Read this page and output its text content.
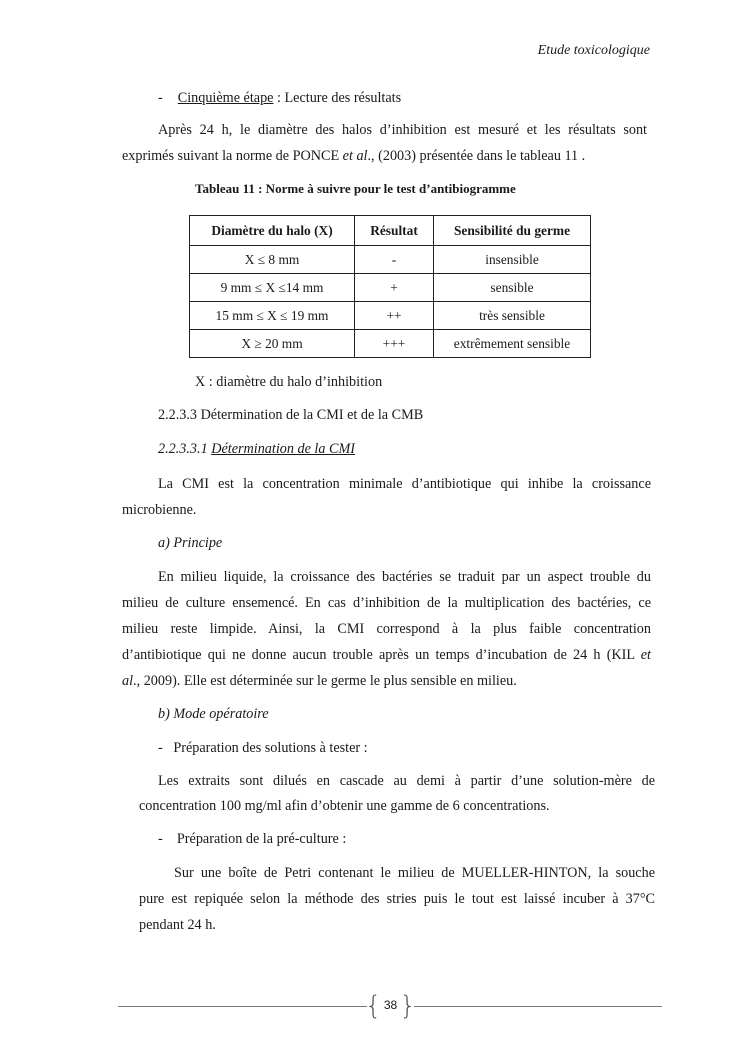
Etude toxicologique
- Cinquième étape : Lecture des résultats
Après 24 h, le diamètre des halos d’inhibition est mesuré et les résultats sont
exprimés suivant la norme de PONCE et al., (2003) présentée dans le tableau 11 .
Tableau 11 : Norme à suivre pour le test d’antibiogramme
Diamètre du halo (X)	Résultat	Sensibilité du germe
X ≤ 8 mm	-	insensible
9 mm ≤ X ≤14 mm	+	sensible
15 mm ≤ X ≤ 19 mm	++	très sensible
X ≥ 20 mm	+++	extrêmement sensible
X : diamètre du halo d’inhibition
2.2.3.3 Détermination de la CMI et de la CMB
2.2.3.3.1 Détermination de la CMI
La CMI est la concentration minimale d’antibiotique qui inhibe la croissance
microbienne.
a) Principe
En milieu liquide, la croissance des bactéries se traduit par un aspect trouble du
milieu de culture ensemencé. En cas d’inhibition de la multiplication des bactéries, ce
milieu reste limpide. Ainsi, la CMI correspond à la plus faible concentration
d’antibiotique qui ne donne aucun trouble après un temps d’incubation de 24 h (KIL et
al., 2009). Elle est déterminée sur le germe le plus sensible en milieu.
b) Mode opératoire
-   Préparation des solutions à tester :
Les extraits sont dilués en cascade au demi à partir d’une solution-mère de
concentration 100 mg/ml afin d’obtenir une gamme de 6 concentrations.
-    Préparation de la pré-culture :
Sur une boîte de Petri contenant le milieu de MUELLER-HINTON, la souche
pure est repiquée selon la méthode des stries puis le tout est laissé incuber à 37°C
pendant 24 h.
{ 38 }
